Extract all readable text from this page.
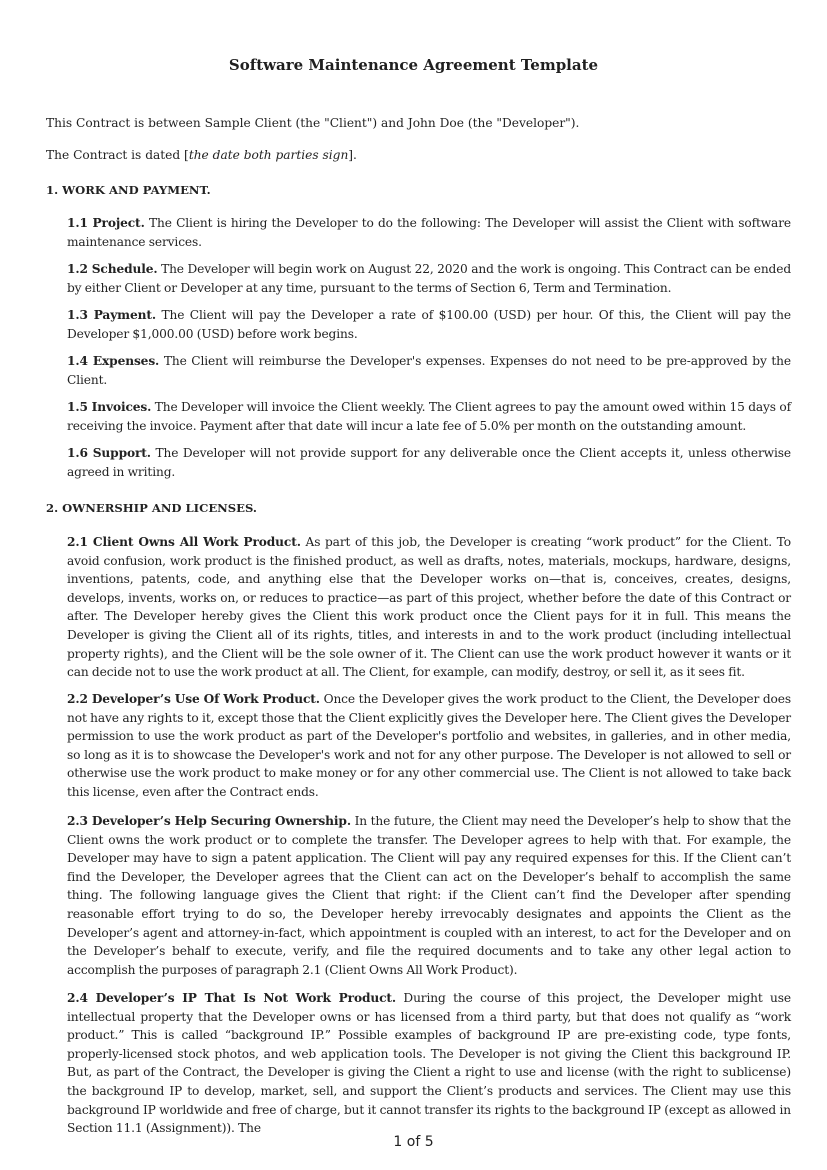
Software Maintenance Agreement Template
This Contract is between Sample Client (the "Client") and John Doe (the "Developer").
The Contract is dated [the date both parties sign].
1. WORK AND PAYMENT.
1.1 Project. The Client is hiring the Developer to do the following: The Developer will assist the Client with software maintenance services.
1.2 Schedule. The Developer will begin work on August 22, 2020 and the work is ongoing. This Contract can be ended by either Client or Developer at any time, pursuant to the terms of Section 6, Term and Termination.
1.3 Payment. The Client will pay the Developer a rate of $100.00 (USD) per hour. Of this, the Client will pay the Developer $1,000.00 (USD) before work begins.
1.4 Expenses. The Client will reimburse the Developer's expenses. Expenses do not need to be pre-approved by the Client.
1.5 Invoices. The Developer will invoice the Client weekly. The Client agrees to pay the amount owed within 15 days of receiving the invoice. Payment after that date will incur a late fee of 5.0% per month on the outstanding amount.
1.6 Support. The Developer will not provide support for any deliverable once the Client accepts it, unless otherwise agreed in writing.
2. OWNERSHIP AND LICENSES.
2.1 Client Owns All Work Product. As part of this job, the Developer is creating “work product” for the Client. To avoid confusion, work product is the finished product, as well as drafts, notes, materials, mockups, hardware, designs, inventions, patents, code, and anything else that the Developer works on—that is, conceives, creates, designs, develops, invents, works on, or reduces to practice—as part of this project, whether before the date of this Contract or after. The Developer hereby gives the Client this work product once the Client pays for it in full. This means the Developer is giving the Client all of its rights, titles, and interests in and to the work product (including intellectual property rights), and the Client will be the sole owner of it. The Client can use the work product however it wants or it can decide not to use the work product at all. The Client, for example, can modify, destroy, or sell it, as it sees fit.
2.2 Developer’s Use Of Work Product. Once the Developer gives the work product to the Client, the Developer does not have any rights to it, except those that the Client explicitly gives the Developer here. The Client gives the Developer permission to use the work product as part of the Developer's portfolio and websites, in galleries, and in other media, so long as it is to showcase the Developer's work and not for any other purpose. The Developer is not allowed to sell or otherwise use the work product to make money or for any other commercial use. The Client is not allowed to take back this license, even after the Contract ends.
2.3 Developer’s Help Securing Ownership. In the future, the Client may need the Developer’s help to show that the Client owns the work product or to complete the transfer. The Developer agrees to help with that. For example, the Developer may have to sign a patent application. The Client will pay any required expenses for this. If the Client can’t find the Developer, the Developer agrees that the Client can act on the Developer’s behalf to accomplish the same thing. The following language gives the Client that right: if the Client can’t find the Developer after spending reasonable effort trying to do so, the Developer hereby irrevocably designates and appoints the Client as the Developer’s agent and attorney-in-fact, which appointment is coupled with an interest, to act for the Developer and on the Developer’s behalf to execute, verify, and file the required documents and to take any other legal action to accomplish the purposes of paragraph 2.1 (Client Owns All Work Product).
2.4 Developer’s IP That Is Not Work Product. During the course of this project, the Developer might use intellectual property that the Developer owns or has licensed from a third party, but that does not qualify as “work product.” This is called “background IP.” Possible examples of background IP are pre-existing code, type fonts, properly-licensed stock photos, and web application tools. The Developer is not giving the Client this background IP. But, as part of the Contract, the Developer is giving the Client a right to use and license (with the right to sublicense) the background IP to develop, market, sell, and support the Client’s products and services. The Client may use this background IP worldwide and free of charge, but it cannot transfer its rights to the background IP (except as allowed in Section 11.1 (Assignment)). The
1 of 5
